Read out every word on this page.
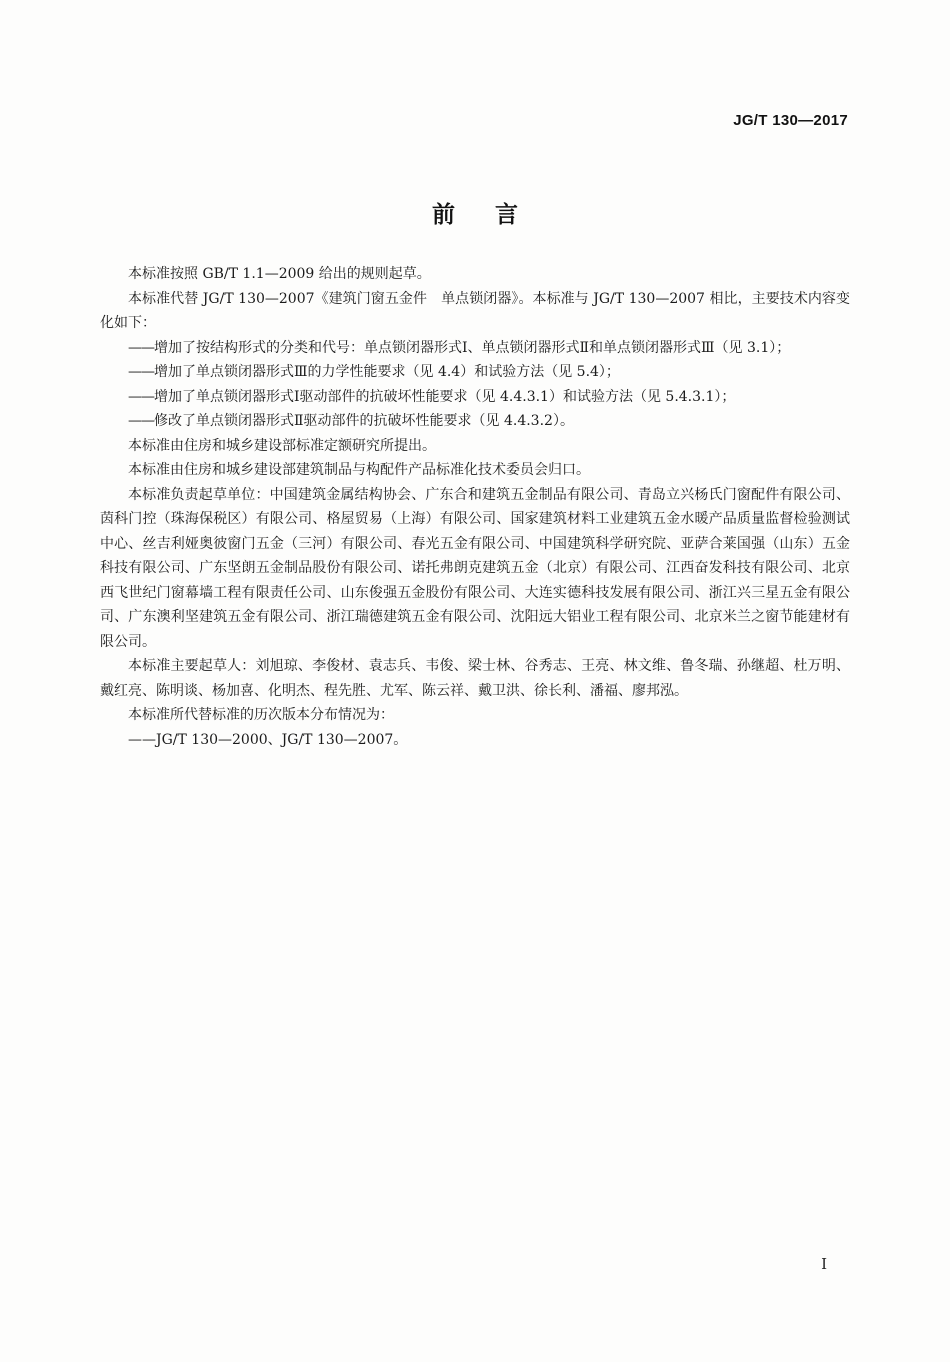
JG/T 130—2017
前言

本标准按照 GB/T 1.1—2009 给出的规则起草。

本标准代替 JG/T 130—2007《建筑门窗五金件　单点锁闭器》。本标准与 JG/T 130—2007 相比，主要技术内容变化如下：

——增加了按结构形式的分类和代号：单点锁闭器形式Ⅰ、单点锁闭器形式Ⅱ和单点锁闭器形式Ⅲ（见 3.1）；

——增加了单点锁闭器形式Ⅲ的力学性能要求（见 4.4）和试验方法（见 5.4）；

——增加了单点锁闭器形式Ⅰ驱动部件的抗破坏性能要求（见 4.4.3.1）和试验方法（见 5.4.3.1）；

——修改了单点锁闭器形式Ⅱ驱动部件的抗破坏性能要求（见 4.4.3.2）。

本标准由住房和城乡建设部标准定额研究所提出。

本标准由住房和城乡建设部建筑制品与构配件产品标准化技术委员会归口。

本标准负责起草单位：中国建筑金属结构协会、广东合和建筑五金制品有限公司、青岛立兴杨氏门窗配件有限公司、茵科门控（珠海保税区）有限公司、格屋贸易（上海）有限公司、国家建筑材料工业建筑五金水暖产品质量监督检验测试中心、丝吉利娅奥彼窗门五金（三河）有限公司、春光五金有限公司、中国建筑科学研究院、亚萨合莱国强（山东）五金科技有限公司、广东坚朗五金制品股份有限公司、诺托弗朗克建筑五金（北京）有限公司、江西奋发科技有限公司、北京西飞世纪门窗幕墙工程有限责任公司、山东俊强五金股份有限公司、大连实德科技发展有限公司、浙江兴三星五金有限公司、广东澳利坚建筑五金有限公司、浙江瑞德建筑五金有限公司、沈阳远大铝业工程有限公司、北京米兰之窗节能建材有限公司。

本标准主要起草人：刘旭琼、李俊材、袁志兵、韦俊、梁士林、谷秀志、王亮、林文维、鲁冬瑞、孙继超、杜万明、戴红亮、陈明谈、杨加喜、化明杰、程先胜、尤军、陈云祥、戴卫洪、徐长利、潘福、廖邦泓。

本标准所代替标准的历次版本分布情况为：

——JG/T 130—2000、JG/T 130—2007。

I
